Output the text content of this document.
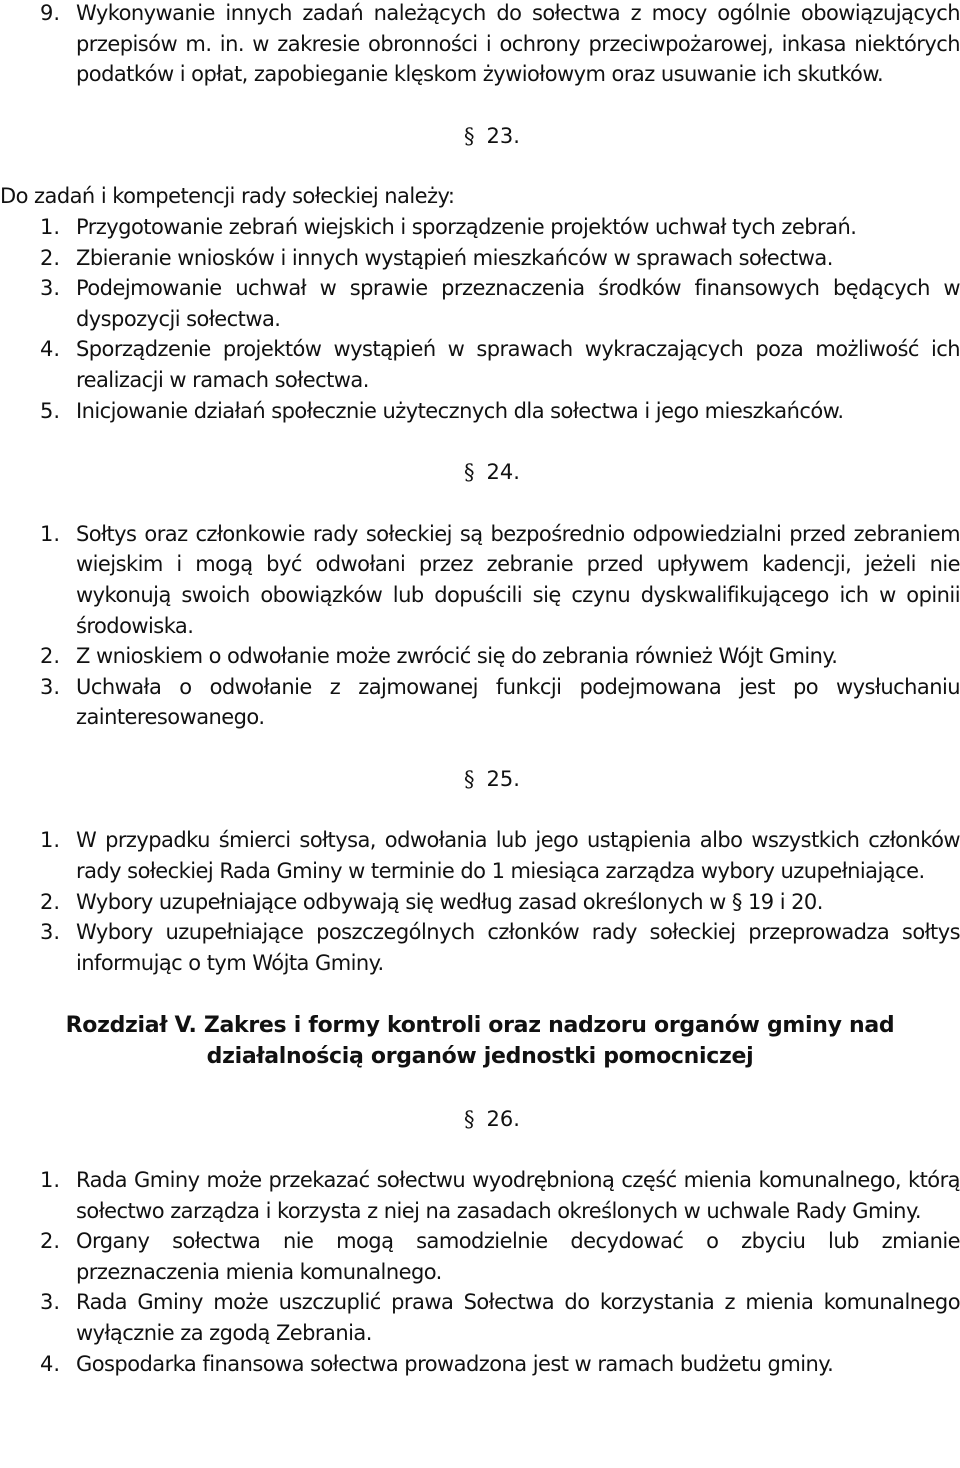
9. Wykonywanie innych zadań należących do sołectwa z mocy ogólnie obowiązujących przepisów m. in. w zakresie obronności i ochrony przeciwpożarowej, inkasa niektórych podatków i opłat, zapobieganie klęskom żywiołowym oraz usuwanie ich skutków.
§ 23.
Do zadań i kompetencji rady sołeckiej należy:
1. Przygotowanie zebrań wiejskich i sporządzenie projektów uchwał tych zebrań.
2. Zbieranie wniosków i innych wystąpień mieszkańców w sprawach sołectwa.
3. Podejmowanie uchwał w sprawie przeznaczenia środków finansowych będących w dyspozycji sołectwa.
4. Sporządzenie projektów wystąpień w sprawach wykraczających poza możliwość ich realizacji w ramach sołectwa.
5. Inicjowanie działań społecznie użytecznych dla sołectwa i jego mieszkańców.
§ 24.
1. Sołtys oraz członkowie rady sołeckiej są bezpośrednio odpowiedzialni przed zebraniem wiejskim i mogą być odwołani przez zebranie przed upływem kadencji, jeżeli nie wykonują swoich obowiązków lub dopuścili się czynu dyskwalifikującego ich w opinii środowiska.
2. Z wnioskiem o odwołanie może zwrócić się do zebrania również Wójt Gminy.
3. Uchwała o odwołanie z zajmowanej funkcji podejmowana jest po wysłuchaniu zainteresowanego.
§ 25.
1. W przypadku śmierci sołtysa, odwołania lub jego ustąpienia albo wszystkich członków rady sołeckiej Rada Gminy w terminie do 1 miesiąca zarządza wybory uzupełniające.
2. Wybory uzupełniające odbywają się według zasad określonych w § 19 i 20.
3. Wybory uzupełniające poszczególnych członków rady sołeckiej przeprowadza sołtys informując o tym Wójta Gminy.
Rozdział V. Zakres i formy kontroli oraz nadzoru organów gminy nad
działalnością organów jednostki pomocniczej
§ 26.
1. Rada Gminy może przekazać sołectwu wyodrębnioną część mienia komunalnego, którą sołectwo zarządza i korzysta z niej na zasadach określonych w uchwale Rady Gminy.
2. Organy sołectwa nie mogą samodzielnie decydować o zbyciu lub zmianie przeznaczenia mienia komunalnego.
3. Rada Gminy może uszczuplić prawa Sołectwa do korzystania z mienia komunalnego wyłącznie za zgodą Zebrania.
4. Gospodarka finansowa sołectwa prowadzona jest w ramach budżetu gminy.
